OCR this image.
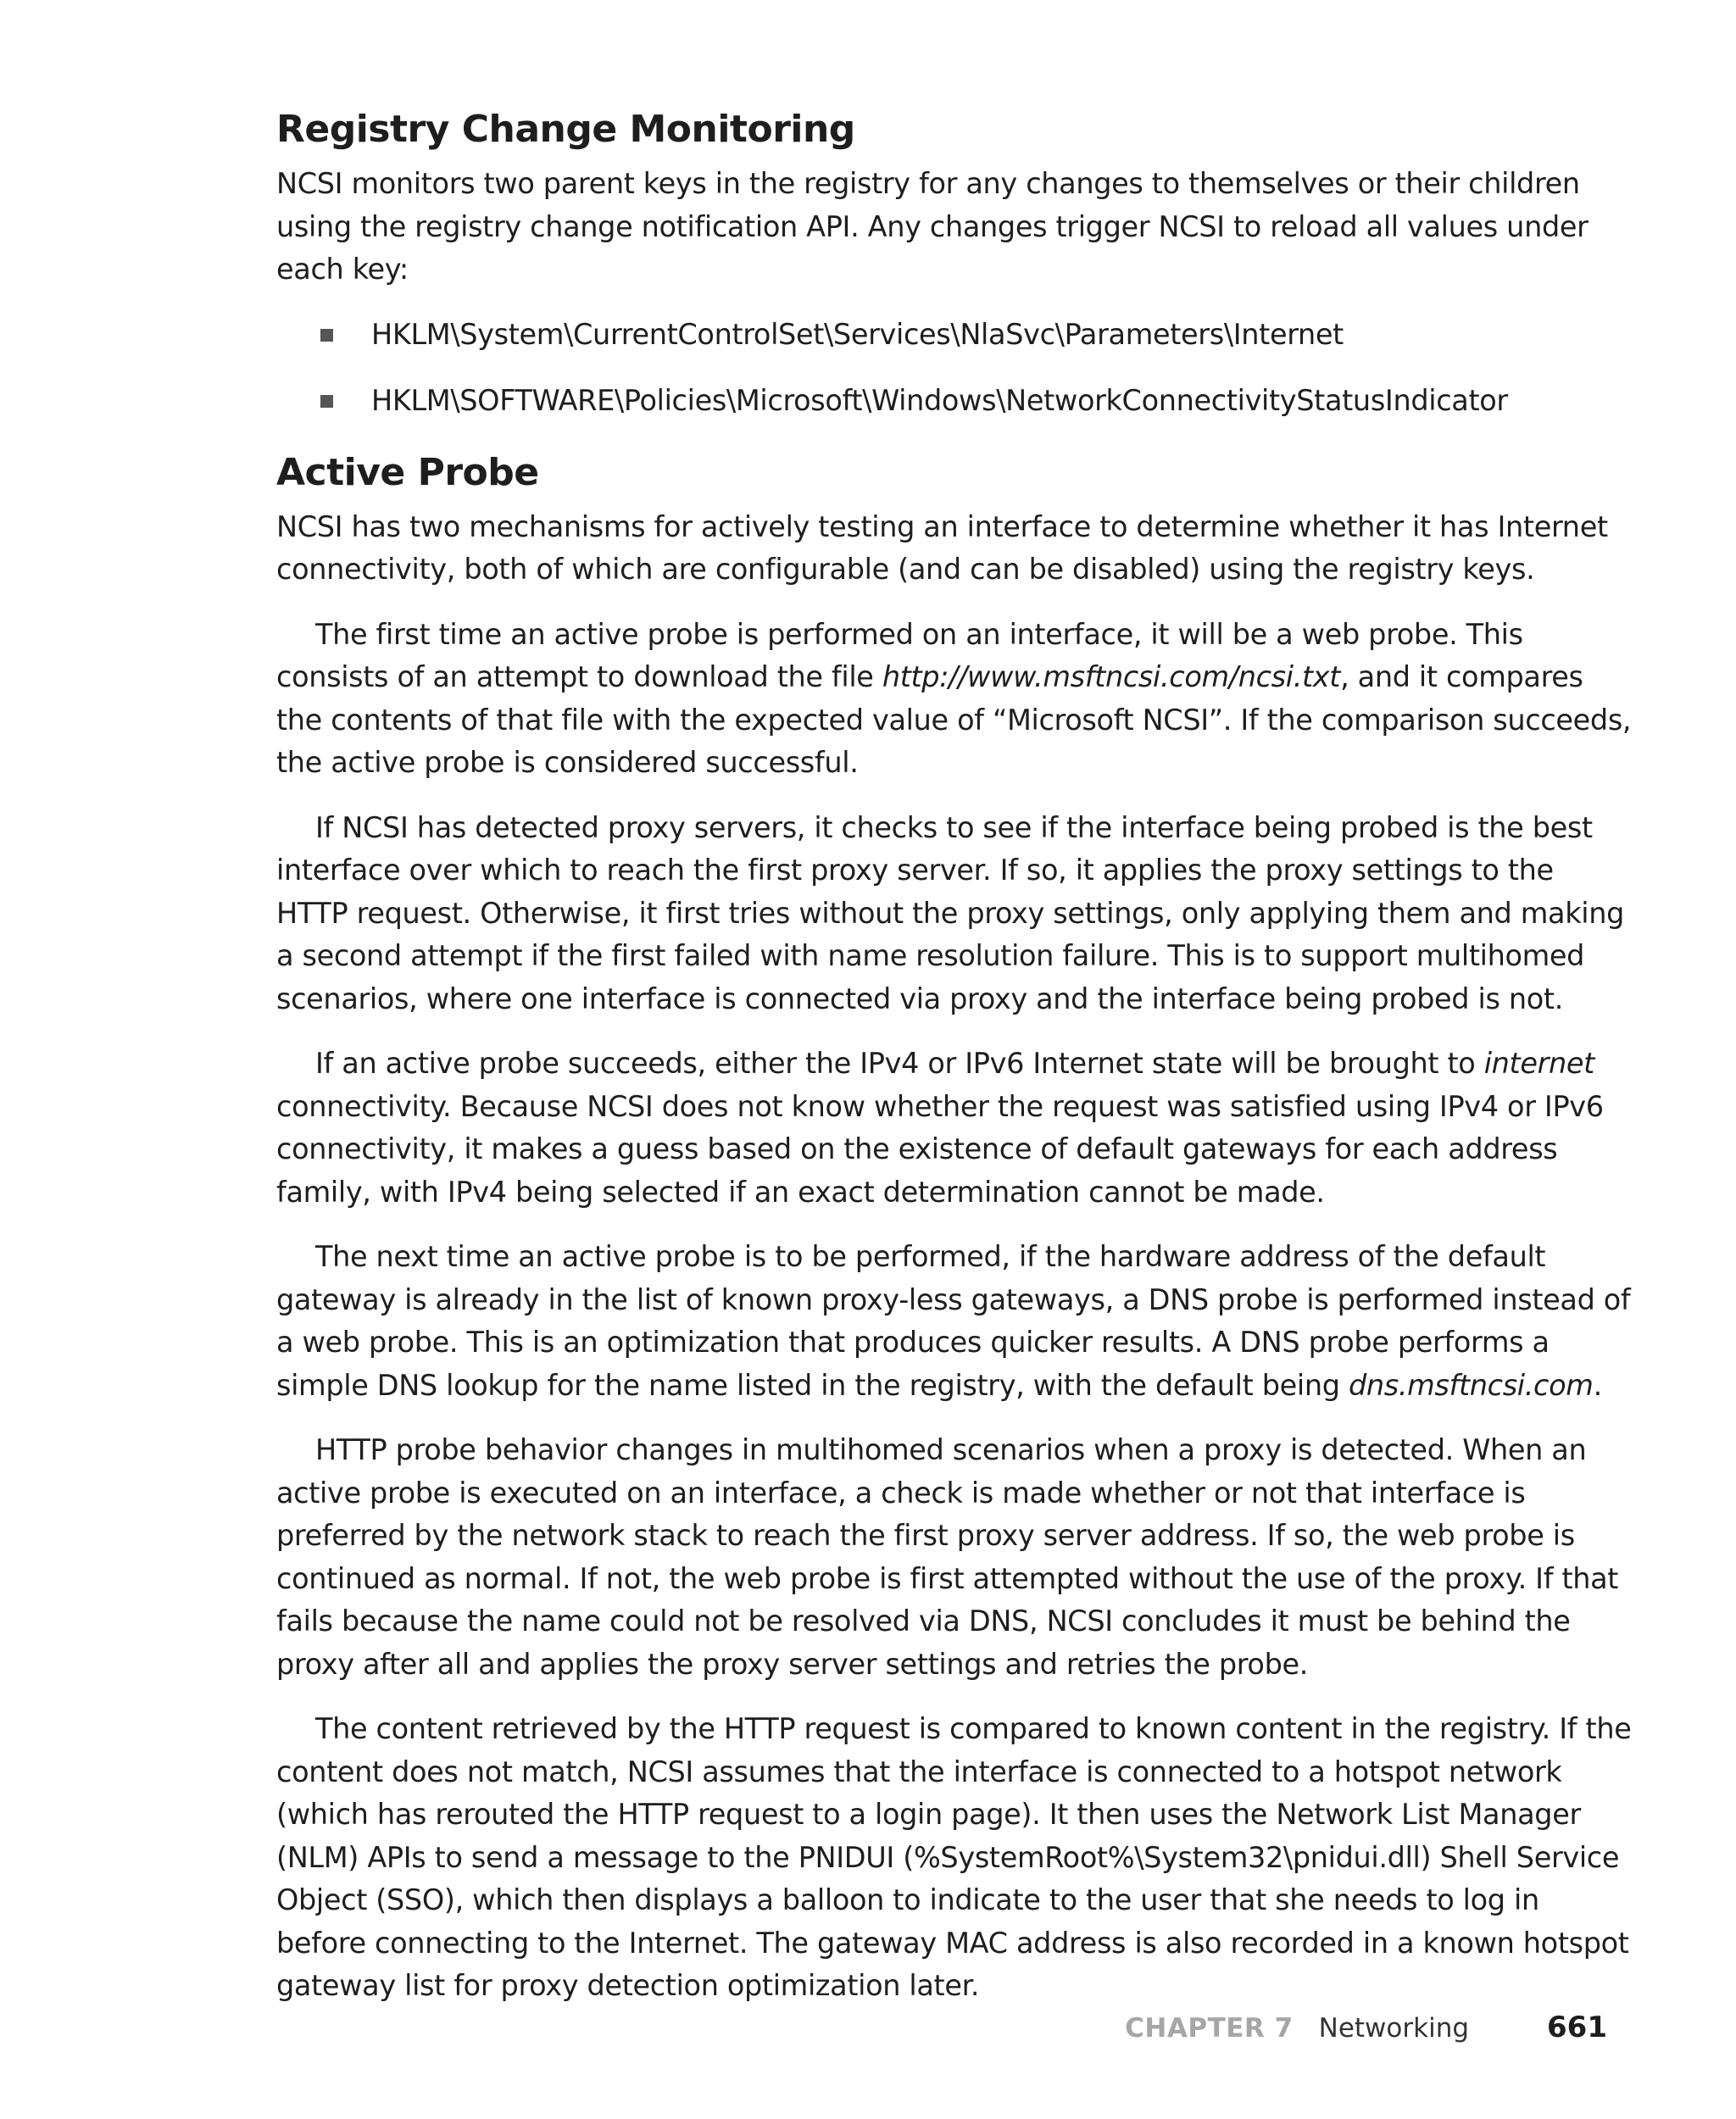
Registry Change Monitoring

NCSI monitors two parent keys in the registry for any changes to themselves or their children using the registry change notification API. Any changes trigger NCSI to reload all values under each key:

HKLM\System\CurrentControlSet\Services\NlaSvc\Parameters\Internet
HKLM\SOFTWARE\Policies\Microsoft\Windows\NetworkConnectivityStatusIndicator
Active Probe

NCSI has two mechanisms for actively testing an interface to determine whether it has Internet connectivity, both of which are configurable (and can be disabled) using the registry keys.

The first time an active probe is performed on an interface, it will be a web probe. This consists of an attempt to download the file http://www.msftncsi.com/ncsi.txt, and it compares the contents of that file with the expected value of “Microsoft NCSI”. If the comparison succeeds, the active probe is considered successful.

If NCSI has detected proxy servers, it checks to see if the interface being probed is the best interface over which to reach the first proxy server. If so, it applies the proxy settings to the HTTP request. Otherwise, it first tries without the proxy settings, only applying them and making a second attempt if the first failed with name resolution failure. This is to support multihomed scenarios, where one interface is connected via proxy and the interface being probed is not.

If an active probe succeeds, either the IPv4 or IPv6 Internet state will be brought to internet connectivity. Because NCSI does not know whether the request was satisfied using IPv4 or IPv6 connectivity, it makes a guess based on the existence of default gateways for each address family, with IPv4 being selected if an exact determination cannot be made.

The next time an active probe is to be performed, if the hardware address of the default gateway is already in the list of known proxy-less gateways, a DNS probe is performed instead of a web probe. This is an optimization that produces quicker results. A DNS probe performs a simple DNS lookup for the name listed in the registry, with the default being dns.msftncsi.com.

HTTP probe behavior changes in multihomed scenarios when a proxy is detected. When an active probe is executed on an interface, a check is made whether or not that interface is preferred by the network stack to reach the first proxy server address. If so, the web probe is continued as normal. If not, the web probe is first attempted without the use of the proxy. If that fails because the name could not be resolved via DNS, NCSI concludes it must be behind the proxy after all and applies the proxy server settings and retries the probe.

The content retrieved by the HTTP request is compared to known content in the registry. If the content does not match, NCSI assumes that the interface is connected to a hotspot network (which has rerouted the HTTP request to a login page). It then uses the Network List Manager (NLM) APIs to send a message to the PNIDUI (%SystemRoot%\System32\pnidui.dll) Shell Service Object (SSO), which then displays a balloon to indicate to the user that she needs to log in before connecting to the Internet. The gateway MAC address is also recorded in a known hotspot gateway list for proxy detection optimization later.

CHAPTER 7 Networking	661
